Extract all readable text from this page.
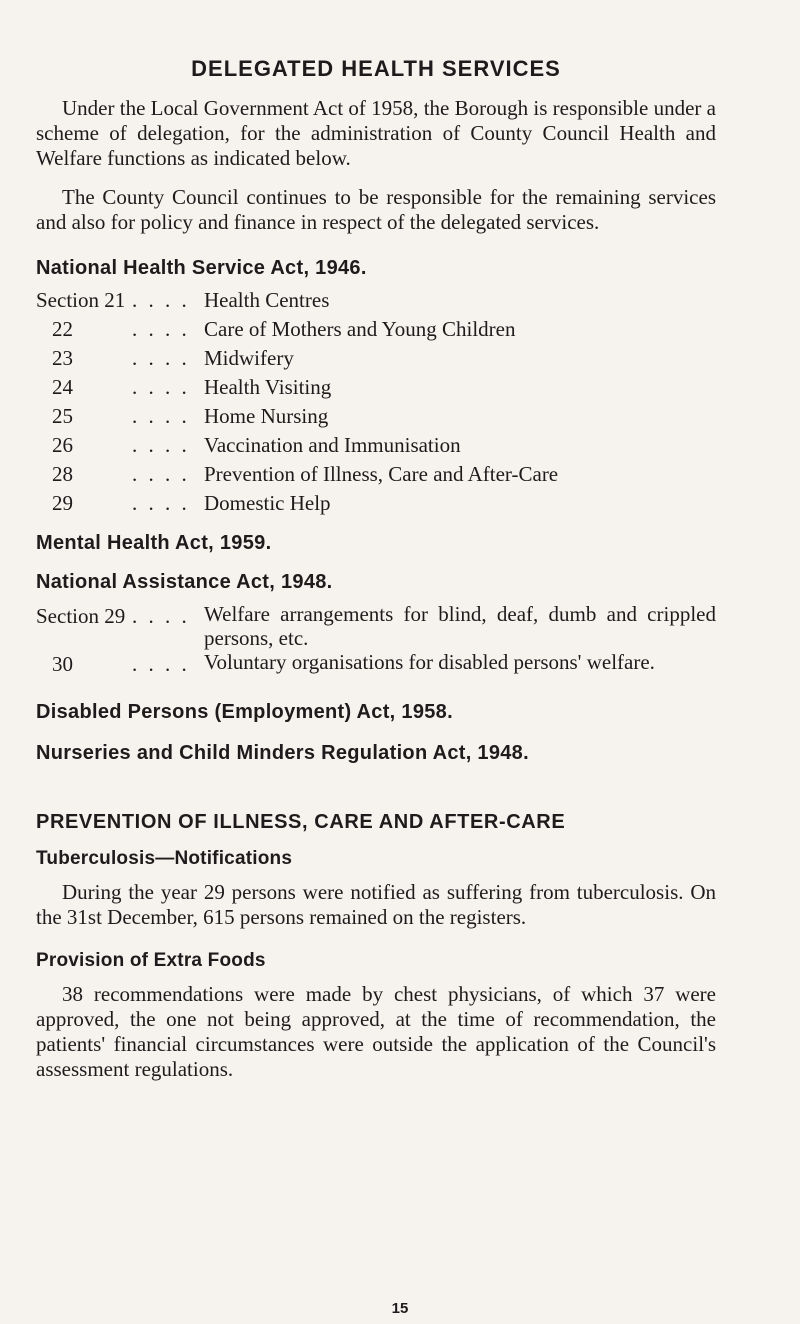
DELEGATED HEALTH SERVICES

Under the Local Government Act of 1958, the Borough is responsible under a scheme of delegation, for the administration of County Council Health and Welfare functions as indicated below.

The County Council continues to be responsible for the remaining services and also for policy and finance in respect of the delegated services.

National Health Service Act, 1946.
Section 21 . . . . Health Centres
22	. . . . Care of Mothers and Young Children
23	. . . . Midwifery
24	. . . . Health Visiting
25	. . . . Home Nursing
26	. . . . Vaccination and Immunisation
28	. . . . Prevention of Illness, Care and After-Care
29	. . . . Domestic Help
Mental Health Act, 1959.
National Assistance Act, 1948.
Section 29 . . . . Welfare arrangements for blind, deaf, dumb and crippled persons, etc.
30	. . . . Voluntary organisations for disabled persons' welfare.
Disabled Persons (Employment) Act, 1958.
Nurseries and Child Minders Regulation Act, 1948.
PREVENTION OF ILLNESS, CARE AND AFTER-CARE
Tuberculosis—Notifications

During the year 29 persons were notified as suffering from tuberculosis. On the 31st December, 615 persons remained on the registers.

Provision of Extra Foods

38 recommendations were made by chest physicians, of which 37 were approved, the one not being approved, at the time of recommendation, the patients' financial circumstances were outside the application of the Council's assessment regulations.

15
